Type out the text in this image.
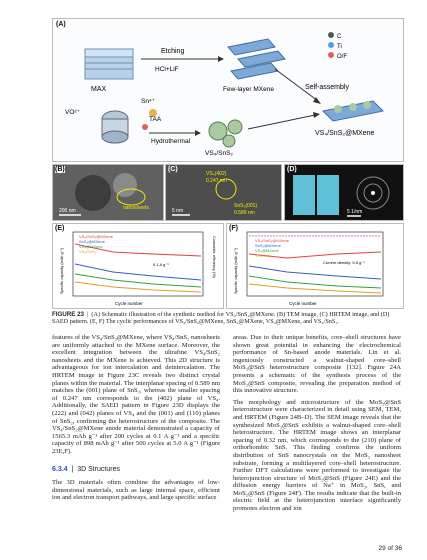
(A)
C
Ti
O/F
Etching
HCl+LiF
MAX	Few-layer MXene
Sn⁴⁺
TAA
VO²⁺
Hydrothermal
VS₄/SnS₂
Self-assembly
VS₄/SnS₂@MXene
(B)
nanosheets
200 nm
(C)
VS₄(402)
0.247 nm
SnS₂(001)
0.589 nm
5 nm
(D)
5 1/nm
(E)
VS₄/SnS₂@MXene
SnS₂@MXene
VS₄@MXene
VS₄/SnS₂
0.1 A g⁻¹
Cycle number
Specific capacity (mAh g⁻¹)	Coulombic efficiency (%)
(F)
VS₄/SnS₂@MXene
SnS₂@MXene
VS₄@MXene
VS₄/SnS₂
Current density: 5 A g⁻¹
Cycle number
Specific capacity (mAh g⁻¹)
FIGURE 23  |  (A) Schematic illustration of the synthetic method for VS₄/SnS₂@MXene. (B) TEM image, (C) HRTEM image, and (D) SAED pattern. (E, F) The cyclic performances of VS₄/SnS₂@MXene, SnS₂@MXene, VS₄@MXene, and VS₄/SnS₂.

features of the VS₄/SnS₂@MXene, where VS₄/SnS₂ nanosheets are uniformly attached to the MXene surface. Moreover, the excellent integration between the ultrafine VS₄/SnS₂ nanosheets and the MXene is achieved. This 2D structure is advantageous for ion intercalation and deintercalation. The HRTEM image in Figure 23C reveals two distinct crystal planes within the material. The interplanar spacing of 0.589 nm matches the (001) plane of SnS₂, whereas the smaller spacing of 0.247 nm corresponds to the (402) plane of VS₄. Additionally, the SAED pattern in Figure 23D displays the (222) and (042) planes of VS₄ and the (001) and (110) planes of SnS₂, confirming the heterostructure of the composite. The VS₄/SnS₂@MXene anode material demonstrated a capacity of 1565.3 mAh g⁻¹ after 200 cycles at 0.1 A g⁻¹ and a specific capacity of 898 mAh g⁻¹ after 500 cycles at 5.0 A g⁻¹ (Figure 23E,F).

6.3.4  |  3D Structures

The 3D materials often combine the advantages of low-dimensional materials, such as large internal space, efficient ion and electron transport pathways, and large specific surface

areas. Due to their unique benefits, core–shell structures have shown great potential in enhancing the electrochemical performance of Sn-based anode materials. Lin et al. ingeniously constructed a walnut-shaped core–shell MoS₂@SnS heterostructure composite [132]. Figure 24A presents a schematic of the synthesis process of the MoS₂@SnS composite, revealing the preparation method of this innovative structure.

The morphology and microstructure of the MoS₂@SnS heterostructure were characterized in detail using SEM, TEM, and HRTEM (Figure 24B–D). The SEM image reveals that the synthesized MoS₂@SnS exhibits a walnut-shaped core–shell heterostructure. The HRTEM image shows an interplanar spacing of 0.32 nm, which corresponds to the (210) plane of orthorhombic SnS. This finding confirms the uniform distribution of SnS nanocrystals on the MoS₂ nanosheet substrate, forming a multilayered core–shell heterostructure. Further DFT calculations were performed to investigate the heterojunction structure of MoS₂@SnS (Figure 24E) and the diffusion energy barriers of Na⁺ in MoS₂, SnS, and MoS₂@SnS (Figure 24F). The results indicate that the built-in electric field at the heterojunction interface significantly promotes electron and ion

29 of 36
